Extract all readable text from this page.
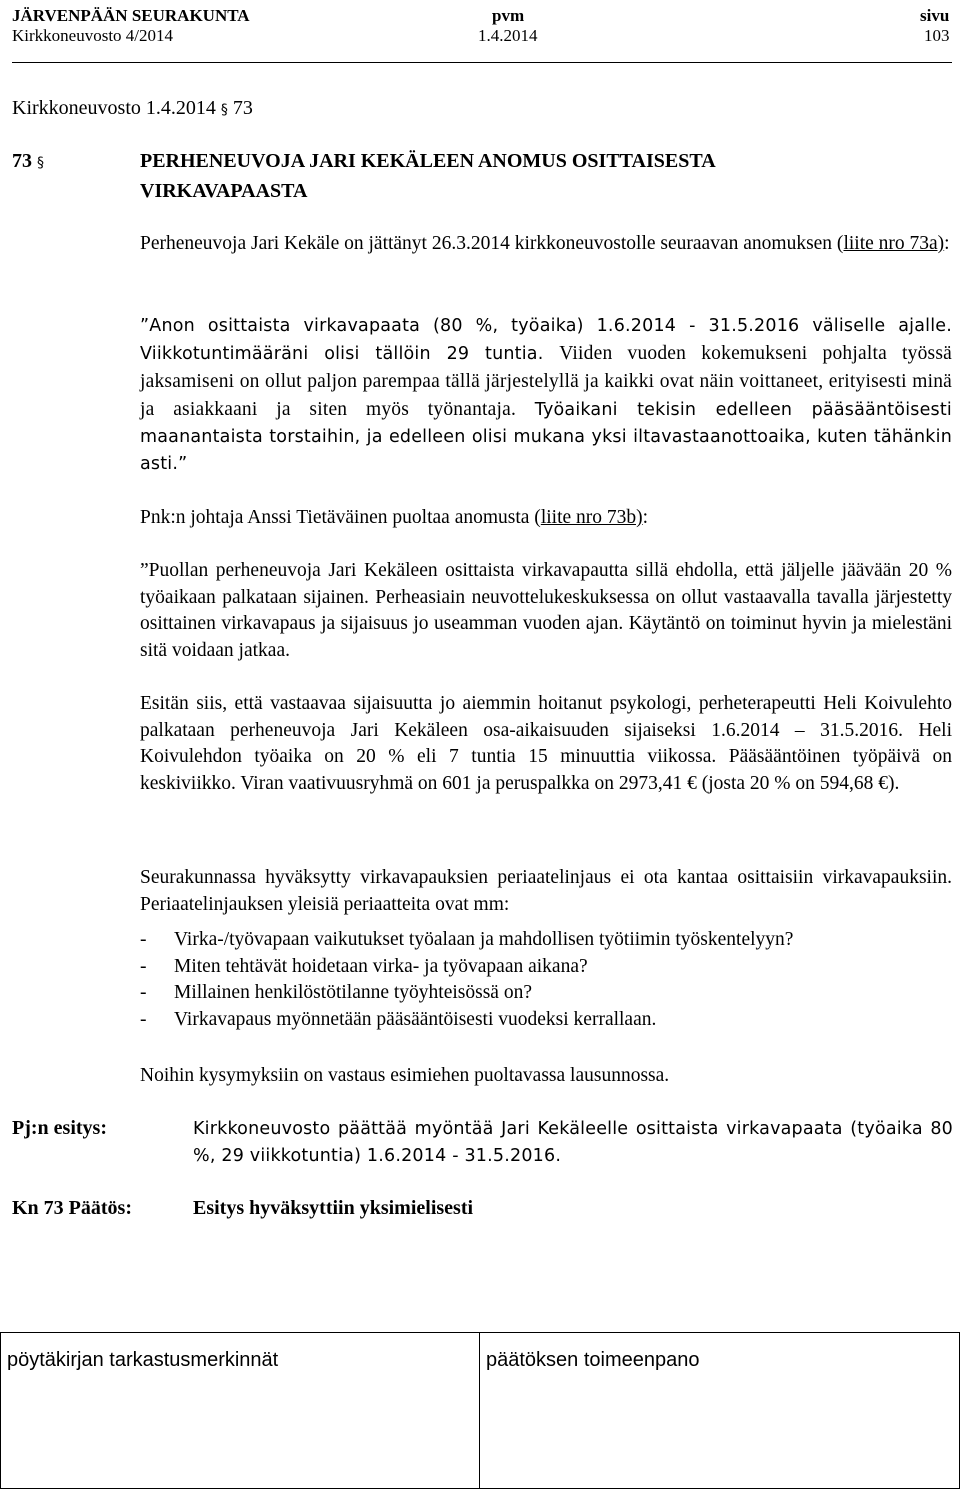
JÄRVENPÄÄN SEURAKUNTA	pvm	sivu
Kirkkoneuvosto 4/2014	1.4.2014	103
Kirkkoneuvosto 1.4.2014 § 73
73 §	PERHENEUVOJA JARI KEKÄLEEN ANOMUS OSITTAISESTA
VIRKAVAPAASTA
Perheneuvoja Jari Kekäle on jättänyt 26.3.2014 kirkkoneuvostolle seuraavan anomuksen (liite nro 73a):
”Anon osittaista virkavapaata (80 %, työaika) 1.6.2014 - 31.5.2016 väliselle ajalle. Viikkotuntimääräni olisi tällöin 29 tuntia. Viiden vuoden kokemukseni pohjalta työssä jaksamiseni on ollut paljon parempaa tällä järjestelyllä ja kaikki ovat näin voittaneet, erityisesti minä ja asiakkaani ja siten myös työnantaja. Työaikani tekisin edelleen pääsääntöisesti maanantaista torstaihin, ja edelleen olisi mukana yksi iltavastaanottoaika, kuten tähänkin asti.”
Pnk:n johtaja Anssi Tietäväinen puoltaa anomusta (liite nro 73b):
”Puollan perheneuvoja Jari Kekäleen osittaista virkavapautta sillä ehdolla, että jäljelle jäävään 20 % työaikaan palkataan sijainen. Perheasiain neuvottelukeskuksessa on ollut vastaavalla tavalla järjestetty osittainen virkavapaus ja sijaisuus jo useamman vuoden ajan. Käytäntö on toiminut hyvin ja mielestäni sitä voidaan jatkaa.
Esitän siis, että vastaavaa sijaisuutta jo aiemmin hoitanut psykologi, perheterapeutti Heli Koivulehto palkataan perheneuvoja Jari Kekäleen osa-aikaisuuden sijaiseksi 1.6.2014 – 31.5.2016. Heli Koivulehdon työaika on 20 % eli 7 tuntia 15 minuuttia viikossa. Pääsääntöinen työpäivä on keskiviikko. Viran vaativuusryhmä on 601 ja peruspalkka on 2973,41 € (josta 20 % on 594,68 €).
Seurakunnassa hyväksytty virkavapauksien periaatelinjaus ei ota kantaa osittaisiin virkavapauksiin. Periaatelinjauksen yleisiä periaatteita ovat mm:
-	Virka-/työvapaan vaikutukset työalaan ja mahdollisen työtiimin työskentelyyn?
-	Miten tehtävät hoidetaan virka- ja työvapaan aikana?
-	Millainen henkilöstötilanne työyhteisössä on?
-	Virkavapaus myönnetään pääsääntöisesti vuodeksi kerrallaan.
Noihin kysymyksiin on vastaus esimiehen puoltavassa lausunnossa.
Pj:n esitys:	Kirkkoneuvosto päättää myöntää Jari Kekäleelle osittaista virkavapaata (työaika 80 %, 29 viikkotuntia) 1.6.2014 - 31.5.2016.
Kn 73 Päätös:	Esitys hyväksyttiin yksimielisesti
pöytäkirjan tarkastusmerkinnät	päätöksen toimeenpano
